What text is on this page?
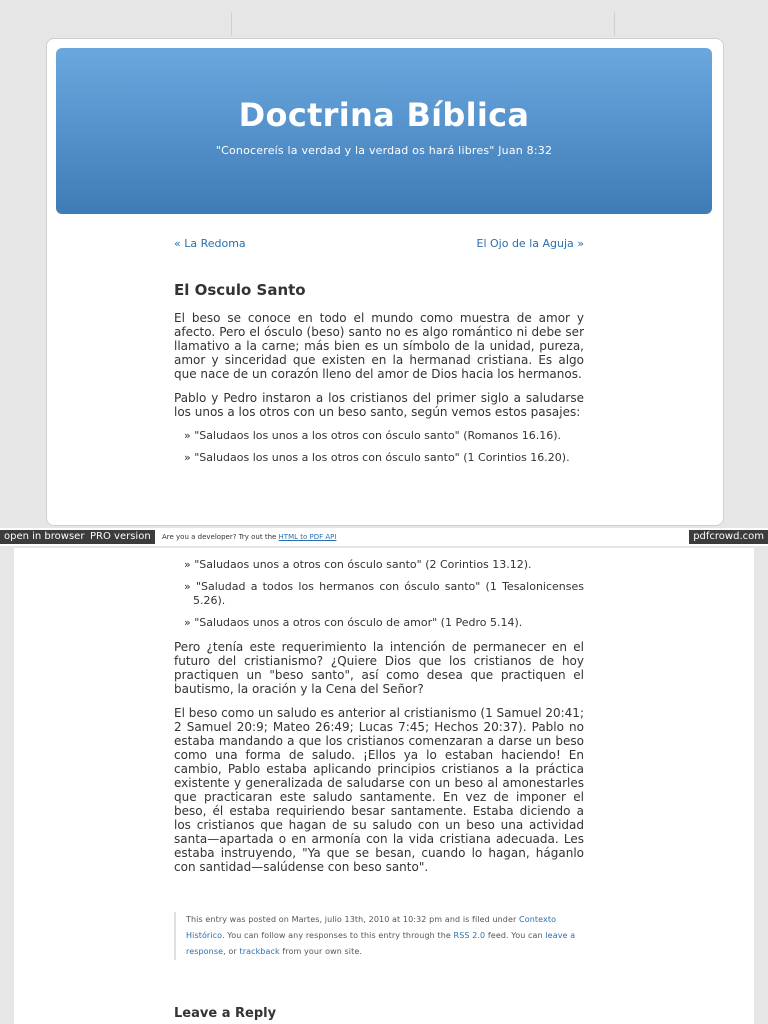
Doctrina Bíblica
"Conocereís la verdad y la verdad os hará libres" Juan 8:32
« La Redoma	El Ojo de la Aguja »
El Osculo Santo

El beso se conoce en todo el mundo como muestra de amor y afecto. Pero el ósculo (beso) santo no es algo romántico ni debe ser llamativo a la carne; más bien es un símbolo de la unidad, pureza, amor y sinceridad que existen en la hermanad cristiana. Es algo que nace de un corazón lleno del amor de Dios hacia los hermanos.

Pablo y Pedro instaron a los cristianos del primer siglo a saludarse los unos a los otros con un beso santo, según vemos estos pasajes:

» "Saludaos los unos a los otros con ósculo santo" (Romanos 16.16).
» "Saludaos los unos a los otros con ósculo santo" (1 Corintios 16.20).
open in browser PRO version	Are you a developer? Try out the HTML to PDF API	pdfcrowd.com
» "Saludaos unos a otros con ósculo santo" (2 Corintios 13.12).
» "Saludad a todos los hermanos con ósculo santo" (1 Tesalonicenses 5.26).
» "Saludaos unos a otros con ósculo de amor" (1 Pedro 5.14).

Pero ¿tenía este requerimiento la intención de permanecer en el futuro del cristianismo? ¿Quiere Dios que los cristianos de hoy practiquen un "beso santo", así como desea que practiquen el bautismo, la oración y la Cena del Señor?

El beso como un saludo es anterior al cristianismo (1 Samuel 20:41; 2 Samuel 20:9; Mateo 26:49; Lucas 7:45; Hechos 20:37). Pablo no estaba mandando a que los cristianos comenzaran a darse un beso como una forma de saludo. ¡Ellos ya lo estaban haciendo! En cambio, Pablo estaba aplicando principios cristianos a la práctica existente y generalizada de saludarse con un beso al amonestarles que practicaran este saludo santamente. En vez de imponer el beso, él estaba requiriendo besar santamente. Estaba diciendo a los cristianos que hagan de su saludo con un beso una actividad santa—apartada o en armonía con la vida cristiana adecuada. Les estaba instruyendo, "Ya que se besan, cuando lo hagan, háganlo con santidad—salúdense con beso santo".

This entry was posted on Martes, julio 13th, 2010 at 10:32 pm and is filed under Contexto Histórico. You can follow any responses to this entry through the RSS 2.0 feed. You can leave a response, or trackback from your own site.
Leave a Reply
